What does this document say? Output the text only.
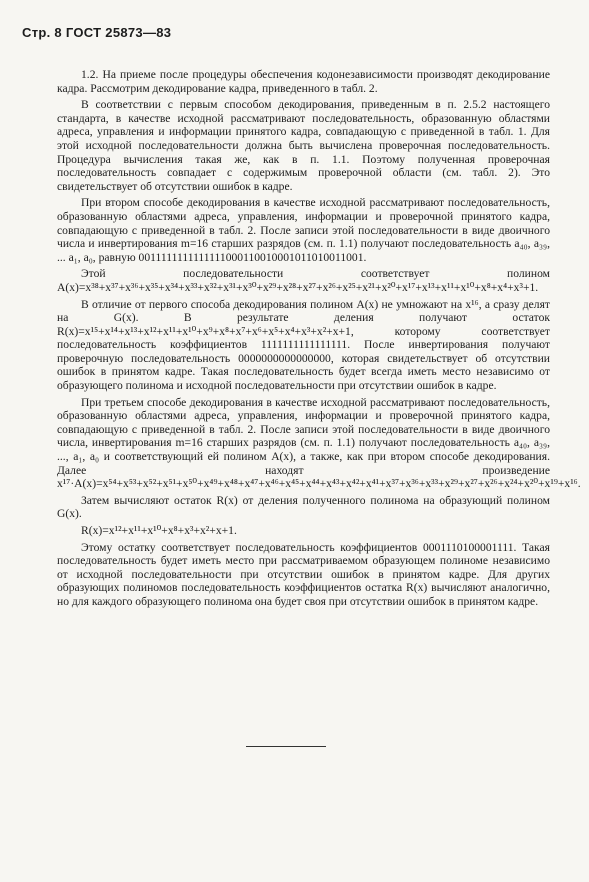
Стр. 8 ГОСТ 25873—83

1.2. На приеме после процедуры обеспечения кодонезависимости производят декодирование кадра. Рассмотрим декодирование кадра, приведенного в табл. 2.

В соответствии с первым способом декодирования, приведенным в п. 2.5.2 настоящего стандарта, в качестве исходной рассматривают последовательность, образованную областями адреса, управления и информации принятого кадра, совпадающую с приведенной в табл. 1. Для этой исходной последовательности должна быть вычислена проверочная последовательность. Процедура вычисления такая же, как в п. 1.1. Поэтому полученная проверочная последовательность совпадает с содержимым проверочной области (см. табл. 2). Это свидетельствует об отсутствии ошибок в кадре.

При втором способе декодирования в качестве исходной рассматривают последовательность, образованную областями адреса, управления, информации и проверочной принятого кадра, совпадающую с приведенной в табл. 2. После записи этой последовательности в виде двоичного числа и инвертирования m=16 старших разрядов (см. п. 1.1) получают последовательность a₄₀, a₃₉, ... a₁, a₀, равную 0011111111111111000110010001011010011001.

Этой последовательности соответствует полином A(x)=x³⁸+x³⁷+x³⁶+x³⁵+x³⁴+x³³+x³²+x³¹+x³⁰+x²⁹+x²⁸+x²⁷+x²⁶+x²⁵+x²¹+x²⁰+x¹⁷+x¹³+x¹¹+x¹⁰+x⁸+x⁴+x³+1.

В отличие от первого способа декодирования полином A(x) не умножают на x¹⁶, а сразу делят на G(x). В результате деления получают остаток R(x)=x¹⁵+x¹⁴+x¹³+x¹²+x¹¹+x¹⁰+x⁹+x⁸+x⁷+x⁶+x⁵+x⁴+x³+x²+x+1, которому соответствует последовательность коэффициентов 1111111111111111. После инвертирования получают проверочную последовательность 0000000000000000, которая свидетельствует об отсутствии ошибок в принятом кадре. Такая последовательность будет всегда иметь место независимо от образующего полинома и исходной последовательности при отсутствии ошибок в кадре.

При третьем способе декодирования в качестве исходной рассматривают последовательность, образованную областями адреса, управления, информации и проверочной принятого кадра, совпадающую с приведенной в табл. 2. После записи этой последовательности в виде двоичного числа, инвертирования m=16 старших разрядов (см. п. 1.1) получают последовательность a₄₀, a₃₉, ..., a₁, a₀ и соответствующий ей полином A(x), а также, как при втором способе декодирования. Далее находят произведение x¹⁷·A(x)=x⁵⁴+x⁵³+x⁵²+x⁵¹+x⁵⁰+x⁴⁹+x⁴⁸+x⁴⁷+x⁴⁶+x⁴⁵+x⁴⁴+x⁴³+x⁴²+x⁴¹+x³⁷+x³⁶+x³³+x²⁹+x²⁷+x²⁶+x²⁴+x²⁰+x¹⁹+x¹⁶.

Затем вычисляют остаток R(x) от деления полученного полинома на образующий полином G(x).

R(x)=x¹²+x¹¹+x¹⁰+x⁸+x³+x²+x+1.

Этому остатку соответствует последовательность коэффициентов 0001110100001111. Такая последовательность будет иметь место при рассматриваемом образующем полиноме независимо от исходной последовательности при отсутствии ошибок в принятом кадре. Для других образующих полиномов последовательность коэффициентов остатка R(x) вычисляют аналогично, но для каждого образующего полинома она будет своя при отсутствии ошибок в принятом кадре.
